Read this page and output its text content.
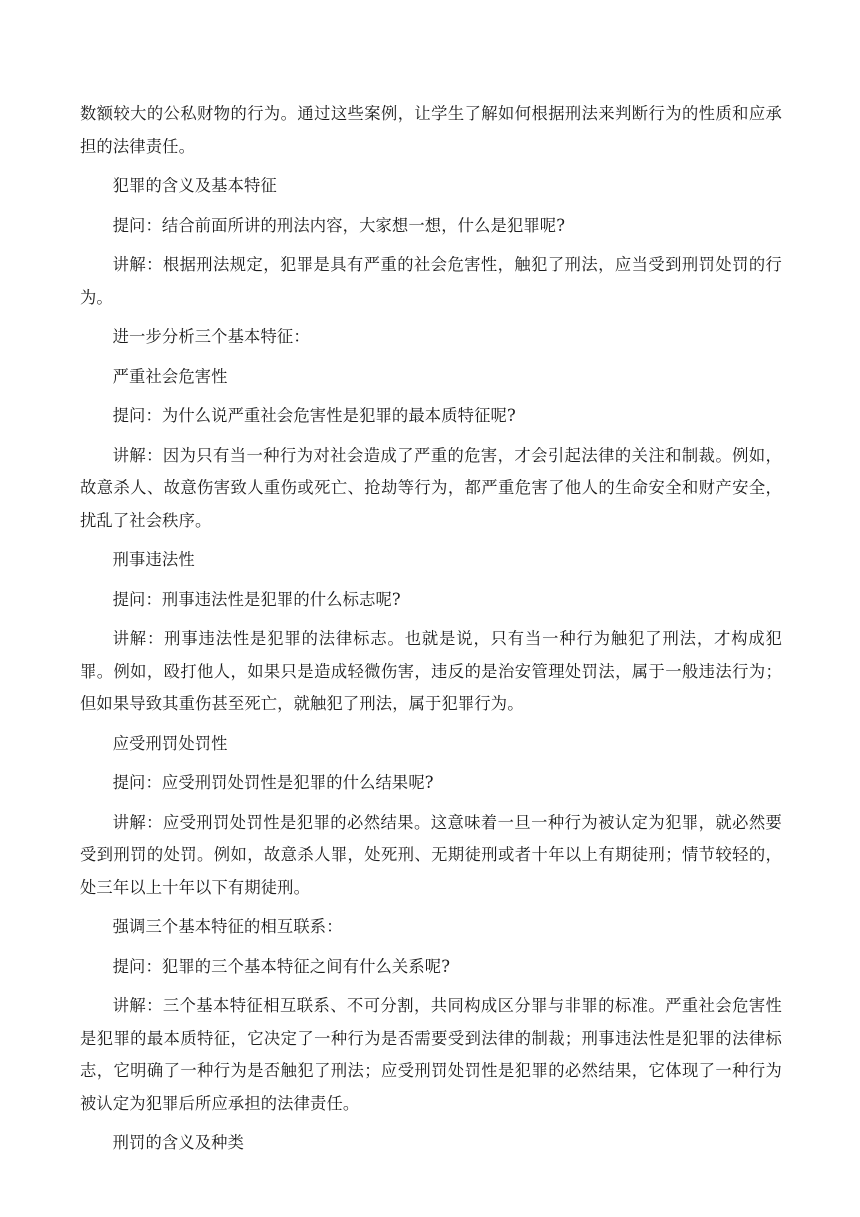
数额较大的公私财物的行为。通过这些案例，让学生了解如何根据刑法来判断行为的性质和应承担的法律责任。

犯罪的含义及基本特征

提问：结合前面所讲的刑法内容，大家想一想，什么是犯罪呢?

讲解：根据刑法规定，犯罪是具有严重的社会危害性，触犯了刑法，应当受到刑罚处罚的行为。

进一步分析三个基本特征：

严重社会危害性

提问：为什么说严重社会危害性是犯罪的最本质特征呢?

讲解：因为只有当一种行为对社会造成了严重的危害，才会引起法律的关注和制裁。例如，故意杀人、故意伤害致人重伤或死亡、抢劫等行为，都严重危害了他人的生命安全和财产安全，扰乱了社会秩序。

刑事违法性

提问：刑事违法性是犯罪的什么标志呢?

讲解：刑事违法性是犯罪的法律标志。也就是说，只有当一种行为触犯了刑法，才构成犯罪。例如，殴打他人，如果只是造成轻微伤害，违反的是治安管理处罚法，属于一般违法行为；但如果导致其重伤甚至死亡，就触犯了刑法，属于犯罪行为。

应受刑罚处罚性

提问：应受刑罚处罚性是犯罪的什么结果呢?

讲解：应受刑罚处罚性是犯罪的必然结果。这意味着一旦一种行为被认定为犯罪，就必然要受到刑罚的处罚。例如，故意杀人罪，处死刑、无期徒刑或者十年以上有期徒刑；情节较轻的，处三年以上十年以下有期徒刑。

强调三个基本特征的相互联系：

提问：犯罪的三个基本特征之间有什么关系呢?

讲解：三个基本特征相互联系、不可分割，共同构成区分罪与非罪的标准。严重社会危害性是犯罪的最本质特征，它决定了一种行为是否需要受到法律的制裁；刑事违法性是犯罪的法律标志，它明确了一种行为是否触犯了刑法；应受刑罚处罚性是犯罪的必然结果，它体现了一种行为被认定为犯罪后所应承担的法律责任。

刑罚的含义及种类
